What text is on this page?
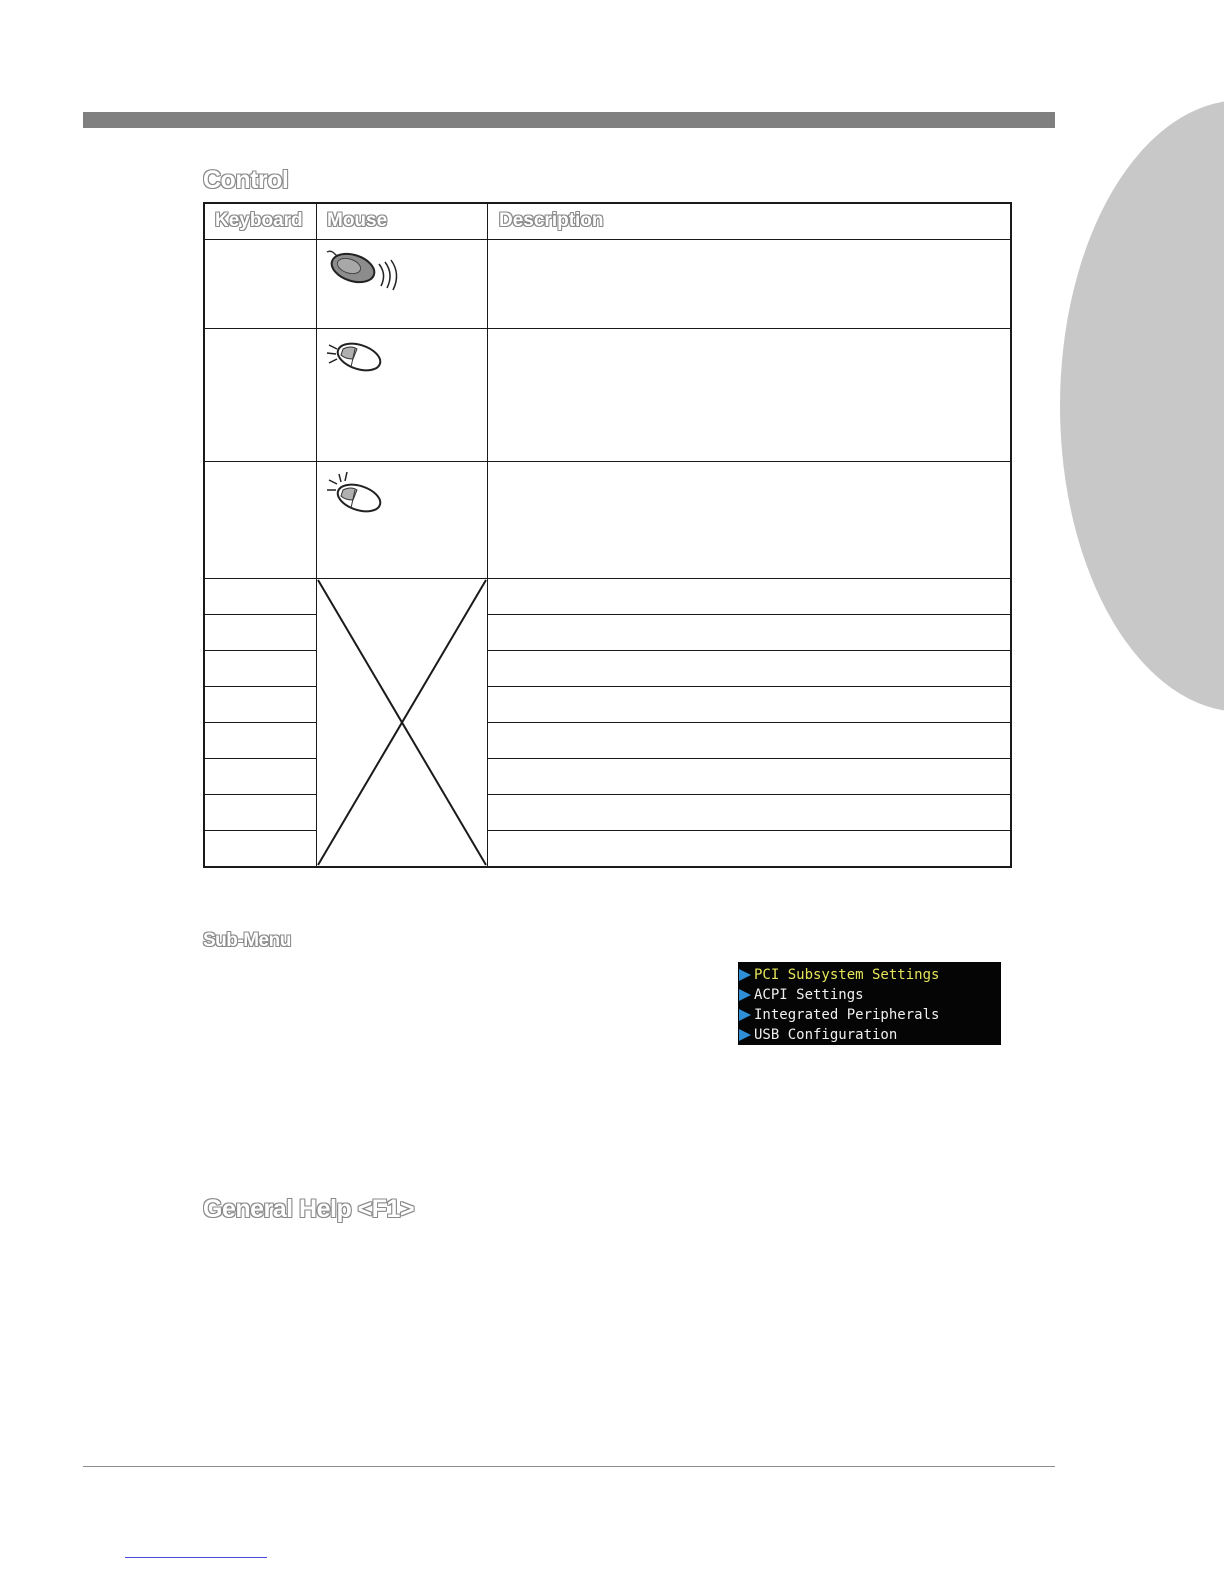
Control
Keyboard Mouse	Description
Sub-Menu
PCI Subsystem Settings
ACPI Settings
Integrated Peripherals
USB Configuration
General Help <F1>
